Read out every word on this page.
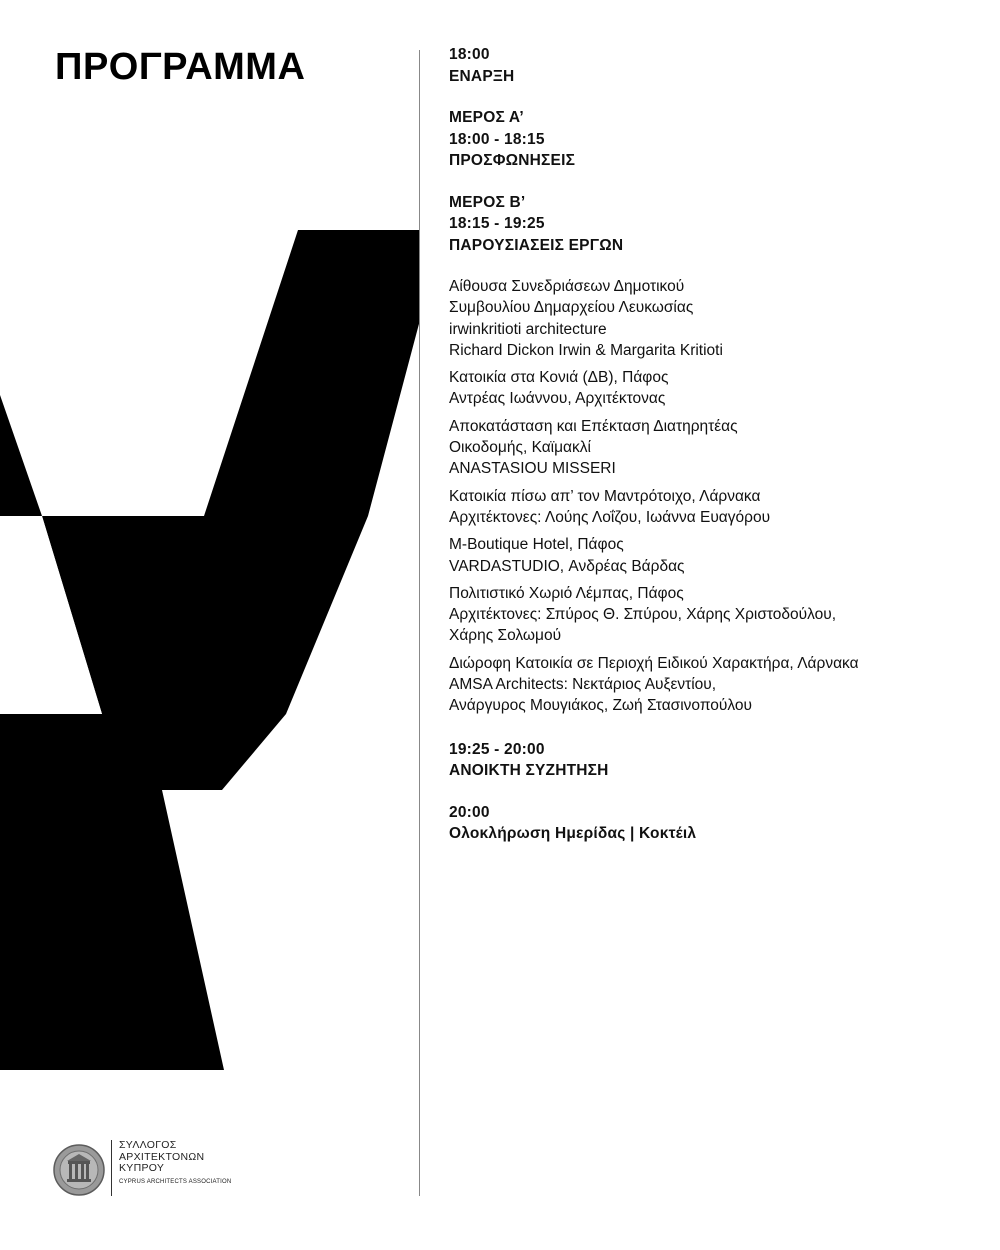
ΠΡΟΓΡΑΜΜΑ	18:00
ΕΝΑΡΞΗ
ΜΕΡΟΣ Α’
18:00 - 18:15
ΠΡΟΣΦΩΝΗΣΕΙΣ
ΜΕΡΟΣ Β’
18:15 - 19:25
ΠΑΡΟΥΣΙΑΣΕΙΣ ΕΡΓΩΝ
Αίθουσα Συνεδριάσεων Δημοτικού
Συμβουλίου Δημαρχείου Λευκωσίας
irwinkritioti architecture
Richard Dickon Irwin & Margarita Kritioti
Κατοικία στα Κονιά (ΔΒ), Πάφος
Αντρέας Ιωάννου, Αρχιτέκτονας
Αποκατάσταση και Επέκταση Διατηρητέας
Οικοδομής, Καϊμακλί
ANASTASIOU MISSERI
Κατοικία πίσω απ’ τον Μαντρότοιχο, Λάρνακα
Αρχιτέκτονες: Λούης Λοΐζου, Ιωάννα Ευαγόρου
M-Boutique Hotel, Πάφος
VARDASTUDIO, Ανδρέας Βάρδας
Πολιτιστικό Χωριό Λέμπας, Πάφος
Αρχιτέκτονες: Σπύρος Θ. Σπύρου, Χάρης Χριστοδούλου,
Χάρης Σολωμού
Διώροφη Κατοικία σε Περιοχή Ειδικού Χαρακτήρα, Λάρνακα
AMSA Architects: Νεκτάριος Αυξεντίου,
Ανάργυρος Μουγιάκος, Ζωή Στασινοπούλου
19:25 - 20:00
ΑΝΟΙΚΤΗ ΣΥΖΗΤΗΣΗ
20:00
Ολοκλήρωση Ημερίδας | Κοκτέιλ
ΣΥΛΛΟΓΟΣ
ΑΡΧΙΤΕΚΤΟΝΩΝ
ΚΥΠΡΟΥ
CYPRUS ARCHITECTS ASSOCIATION
